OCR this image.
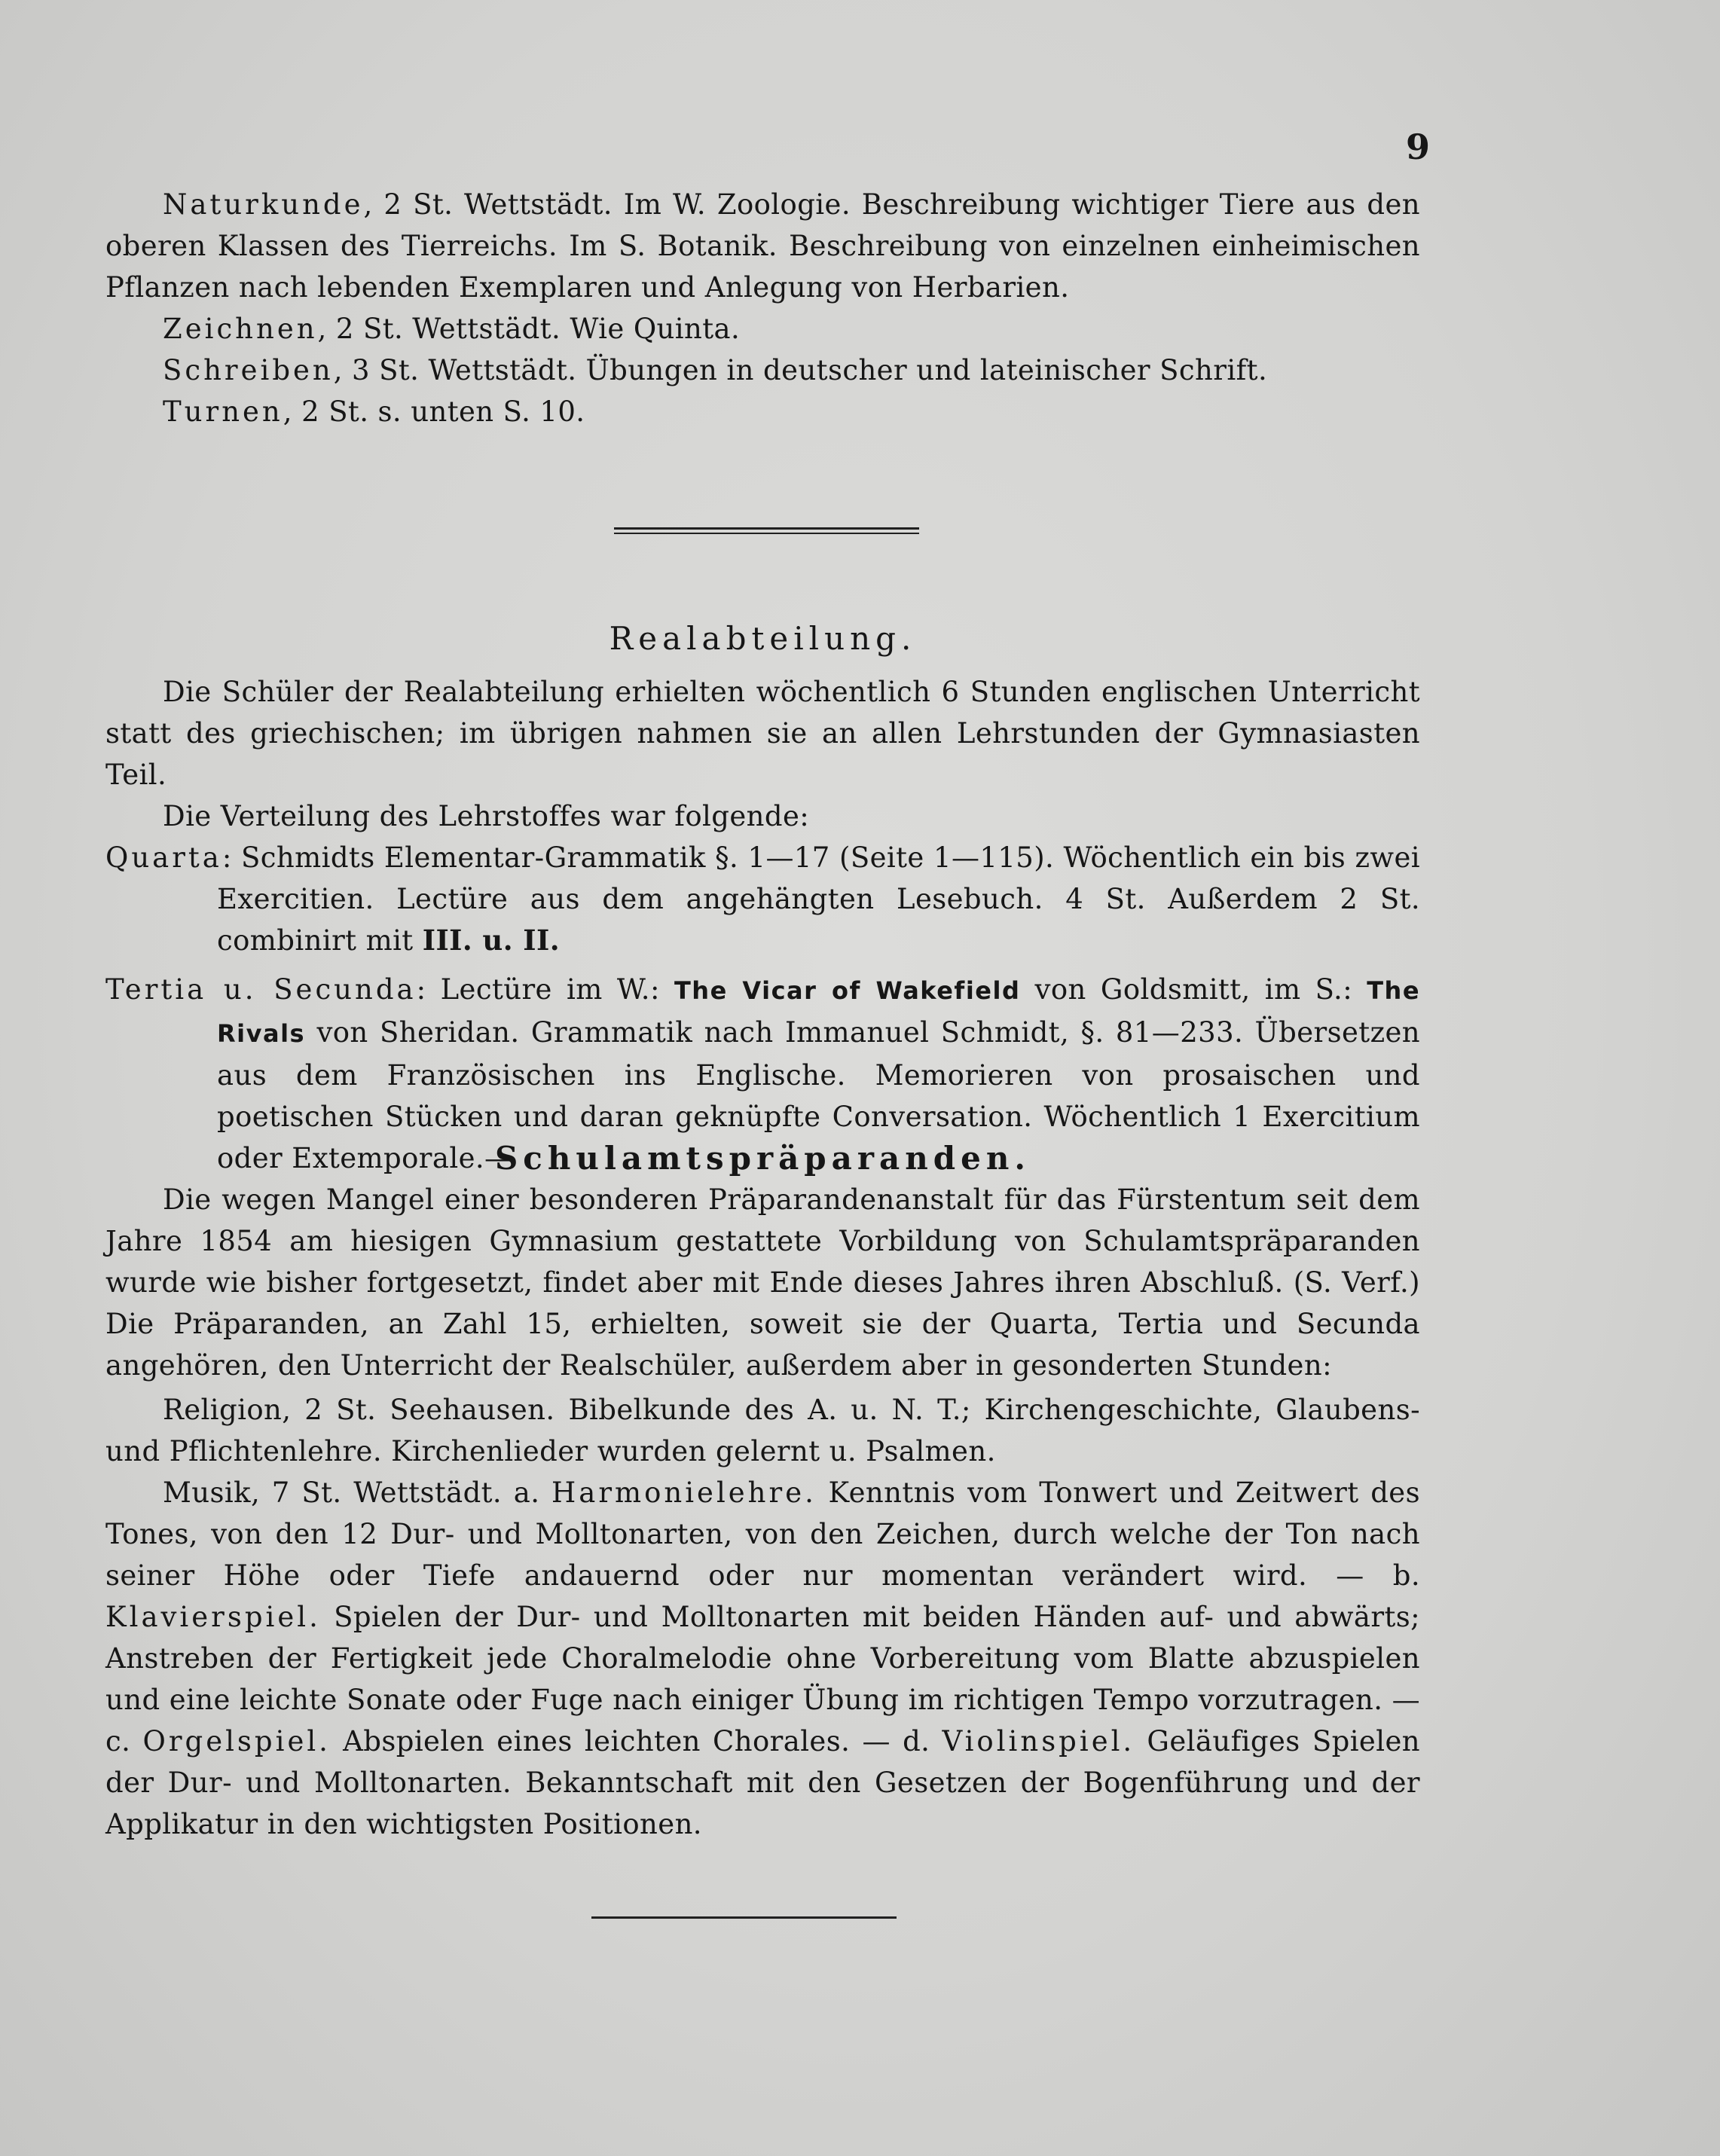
9

Naturkunde, 2 St. Wettstädt. Im W. Zoologie. Beschreibung wichtiger Tiere aus den oberen Klassen des Tierreichs. Im S. Botanik. Beschreibung von einzelnen einheimischen Pflanzen nach lebenden Exemplaren und Anlegung von Herbarien.

Zeichnen, 2 St. Wettstädt. Wie Quinta.

Schreiben, 3 St. Wettstädt. Übungen in deutscher und lateinischer Schrift.

Turnen, 2 St. s. unten S. 10.

Realabteilung.

Die Schüler der Realabteilung erhielten wöchentlich 6 Stunden englischen Unterricht statt des griechischen; im übrigen nahmen sie an allen Lehrstunden der Gymnasiasten Teil.

Die Verteilung des Lehrstoffes war folgende:

Quarta: Schmidts Elementar-Grammatik §. 1—17 (Seite 1—115). Wöchentlich ein bis zwei Exercitien. Lectüre aus dem angehängten Lesebuch. 4 St. Außerdem 2 St. combinirt mit III. u. II.

Tertia u. Secunda: Lectüre im W.: The Vicar of Wakefield von Goldsmitt, im S.: The Rivals von Sheridan. Grammatik nach Immanuel Schmidt, §. 81—233. Übersetzen aus dem Französischen ins Englische. Memorieren von prosaischen und poetischen Stücken und daran geknüpfte Conversation. Wöchentlich 1 Exercitium oder Extemporale.—

Schulamtspräparanden.

Die wegen Mangel einer besonderen Präparandenanstalt für das Fürstentum seit dem Jahre 1854 am hiesigen Gymnasium gestattete Vorbildung von Schulamtspräparanden wurde wie bisher fortgesetzt, findet aber mit Ende dieses Jahres ihren Abschluß. (S. Verf.) Die Präparanden, an Zahl 15, erhielten, soweit sie der Quarta, Tertia und Secunda angehören, den Unterricht der Realschüler, außerdem aber in gesonderten Stunden:

Religion, 2 St. Seehausen. Bibelkunde des A. u. N. T.; Kirchengeschichte, Glaubens- und Pflichtenlehre. Kirchenlieder wurden gelernt u. Psalmen.

Musik, 7 St. Wettstädt. a. Harmonielehre. Kenntnis vom Tonwert und Zeitwert des Tones, von den 12 Dur- und Molltonarten, von den Zeichen, durch welche der Ton nach seiner Höhe oder Tiefe andauernd oder nur momentan verändert wird. — b. Klavierspiel. Spielen der Dur- und Molltonarten mit beiden Händen auf- und abwärts; Anstreben der Fertigkeit jede Choralmelodie ohne Vorbereitung vom Blatte abzuspielen und eine leichte Sonate oder Fuge nach einiger Übung im richtigen Tempo vorzutragen. — c. Orgelspiel. Abspielen eines leichten Chorales. — d. Violinspiel. Geläufiges Spielen der Dur- und Molltonarten. Bekanntschaft mit den Gesetzen der Bogenführung und der Applikatur in den wichtigsten Positionen.
